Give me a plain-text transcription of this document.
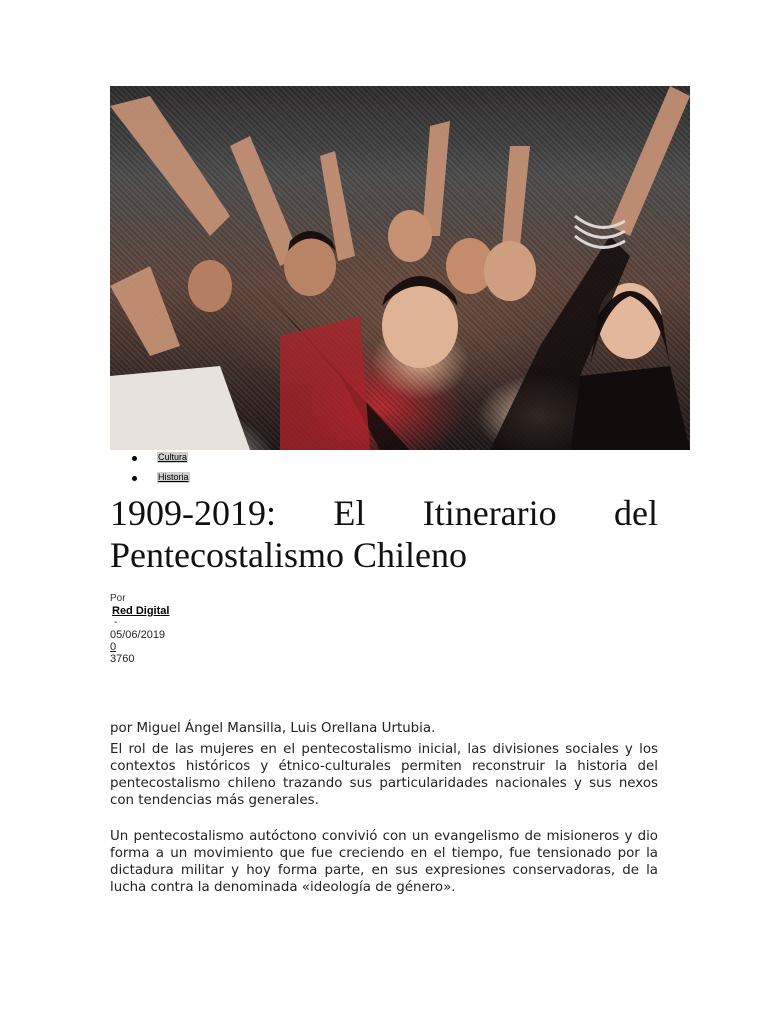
Cultura
Historia
1909-2019: El Itinerario del Pentecostalismo Chileno
Por
Red Digital
-
05/06/2019
0
3760

por Miguel Ángel Mansilla, Luis Orellana Urtubia.

El rol de las mujeres en el pentecostalismo inicial, las divisiones sociales y los contextos históricos y étnico-culturales permiten reconstruir la historia del pentecostalismo chileno trazando sus particularidades nacionales y sus nexos con tendencias más generales.

Un pentecostalismo autóctono convivió con un evangelismo de misioneros y dio forma a un movimiento que fue creciendo en el tiempo, fue tensionado por la dictadura militar y hoy forma parte, en sus expresiones conservadoras, de la lucha contra la denominada «ideología de género».
